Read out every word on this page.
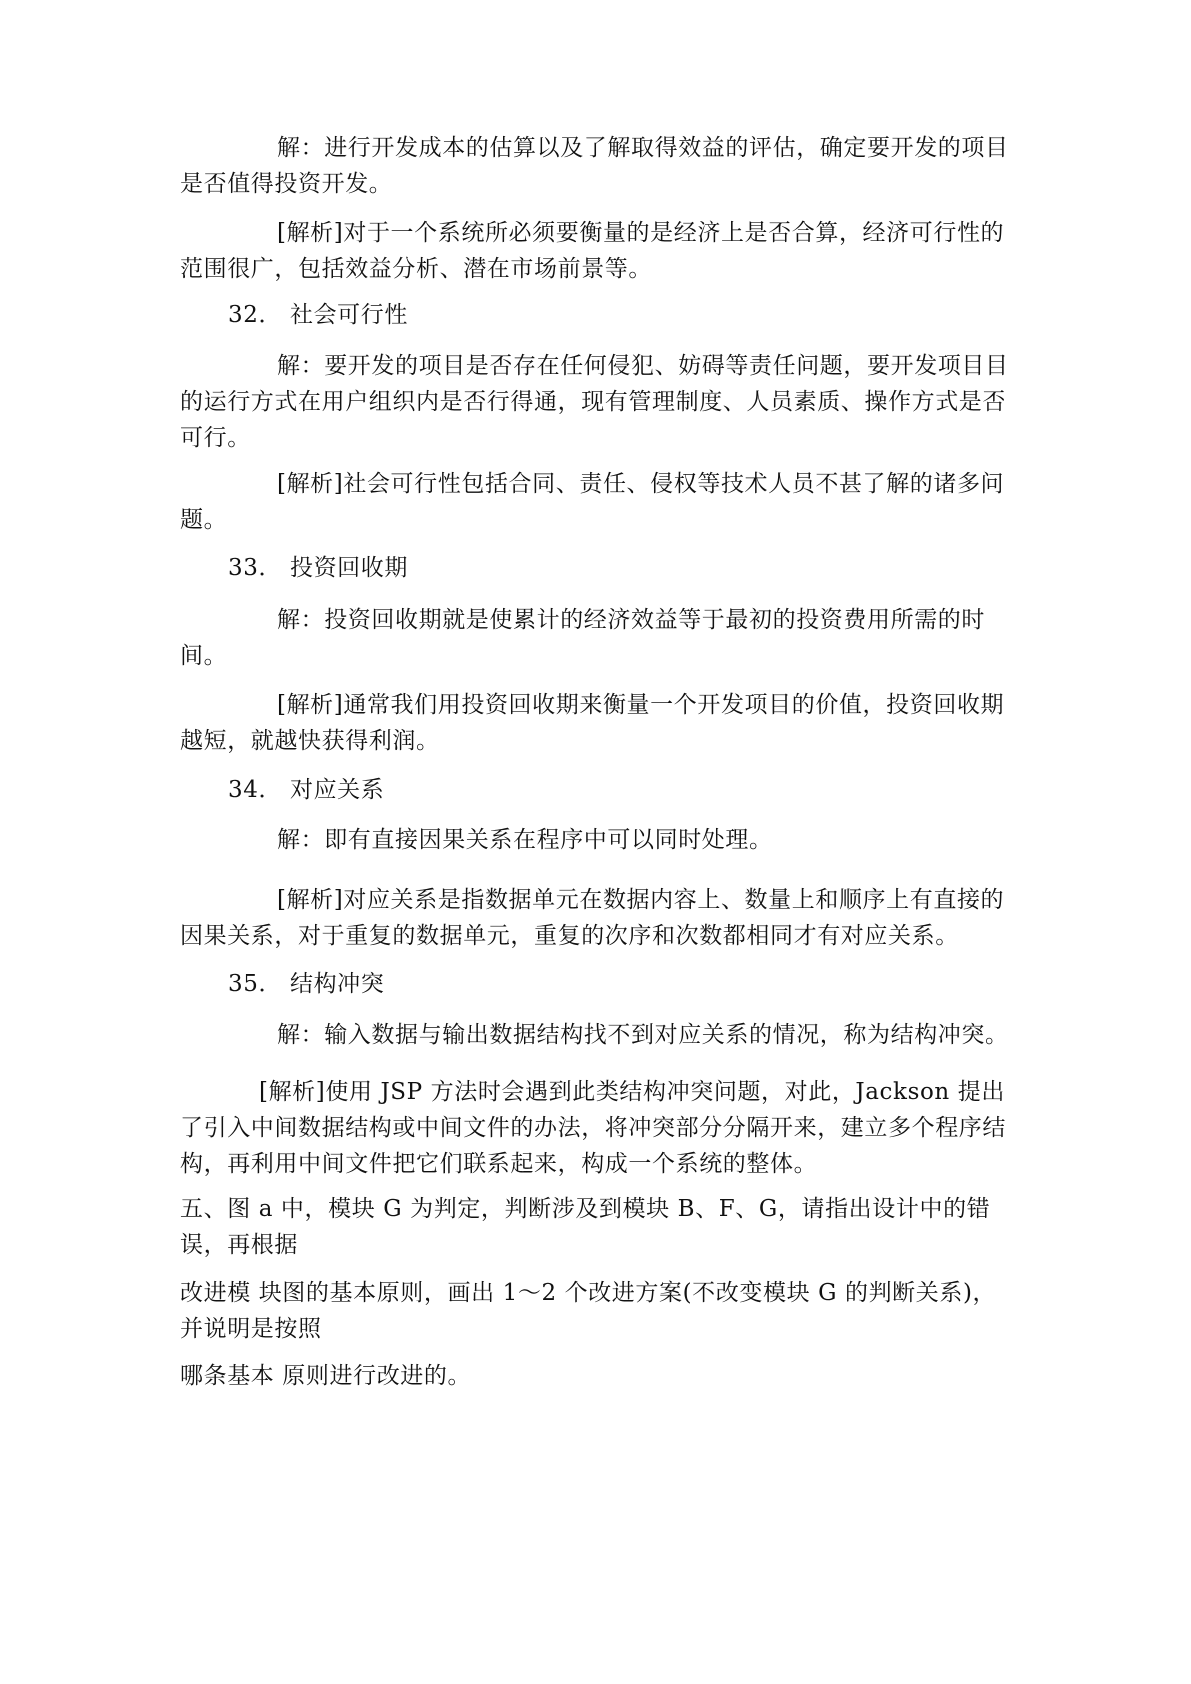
解：进行开发成本的估算以及了解取得效益的评估，确定要开发的项目是否值得投资开发。

[解析]对于一个系统所必须要衡量的是经济上是否合算，经济可行性的范围很广，包括效益分析、潜在市场前景等。

32． 社会可行性

解：要开发的项目是否存在任何侵犯、妨碍等责任问题，要开发项目目的运行方式在用户组织内是否行得通，现有管理制度、人员素质、操作方式是否可行。

[解析]社会可行性包括合同、责任、侵权等技术人员不甚了解的诸多问题。

33． 投资回收期

解：投资回收期就是使累计的经济效益等于最初的投资费用所需的时间。

[解析]通常我们用投资回收期来衡量一个开发项目的价值，投资回收期越短，就越快获得利润。

34． 对应关系

解：即有直接因果关系在程序中可以同时处理。

[解析]对应关系是指数据单元在数据内容上、数量上和顺序上有直接的因果关系，对于重复的数据单元，重复的次序和次数都相同才有对应关系。

35． 结构冲突

解：输入数据与输出数据结构找不到对应关系的情况，称为结构冲突。

[解析]使用 JSP 方法时会遇到此类结构冲突问题，对此，Jackson 提出了引入中间数据结构或中间文件的办法，将冲突部分分隔开来，建立多个程序结构，再利用中间文件把它们联系起来，构成一个系统的整体。

五、图 a 中，模块 G 为判定，判断涉及到模块 B、F、G，请指出设计中的错误，再根据

改进模 块图的基本原则，画出 1～2 个改进方案(不改变模块 G 的判断关系)，并说明是按照

哪条基本 原则进行改进的。
